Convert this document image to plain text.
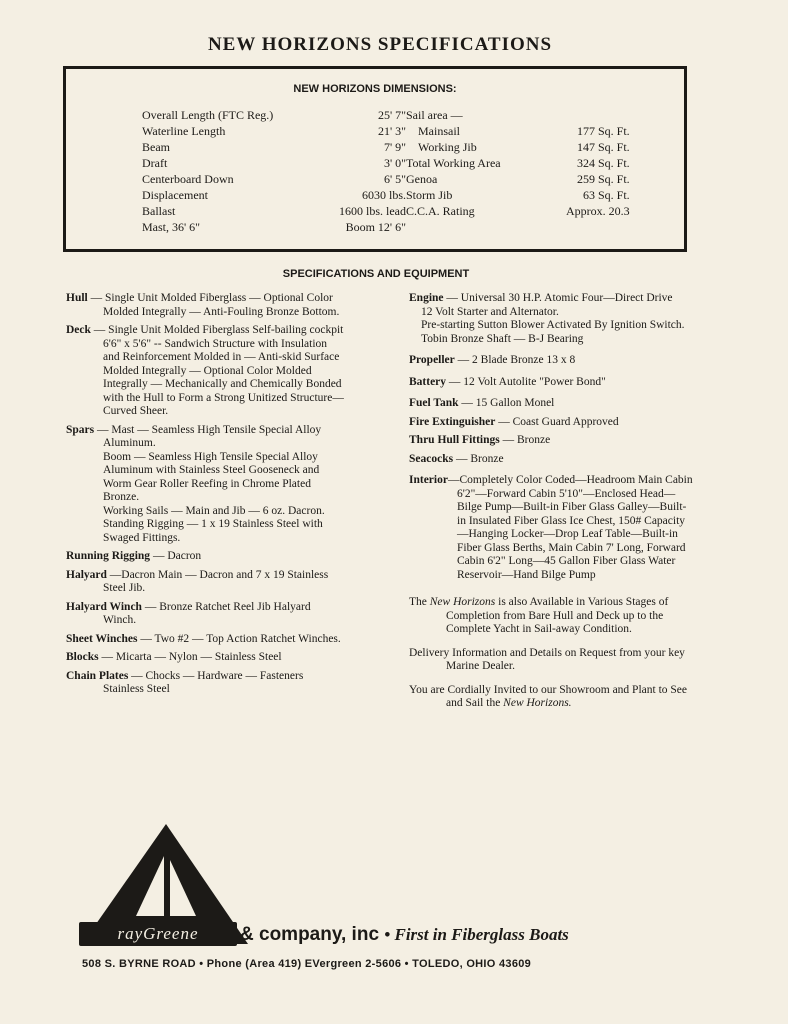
NEW HORIZONS SPECIFICATIONS
NEW HORIZONS DIMENSIONS:
Overall Length (FTC Reg.)	25' 7"
Waterline Length	21' 3"
Beam	7' 9"
Draft	3' 0"
Centerboard Down	6' 5"
Displacement	6030 lbs.
Ballast	1600 lbs. lead
Mast, 36' 6"	Boom 12' 6"
Sail area —	
Mainsail	177 Sq. Ft.
Working Jib	147 Sq. Ft.
Total Working Area	324 Sq. Ft.
Genoa	259 Sq. Ft.
Storm Jib	63 Sq. Ft.
C.C.A. Rating	Approx. 20.3
SPECIFICATIONS AND EQUIPMENT
Hull — Single Unit Molded Fiberglass — Optional Color Molded Integrally — Anti-Fouling Bronze Bottom.
Deck — Single Unit Molded Fiberglass Self-bailing cockpit 6'6" x 5'6" -- Sandwich Structure with Insulation and Reinforcement Molded in — Anti-skid Surface Molded Integrally — Optional Color Molded Integrally — Mechanically and Chemically Bonded with the Hull to Form a Strong Unitized Structure—Curved Sheer.
Spars — Mast — Seamless High Tensile Special Alloy Aluminum.
Boom — Seamless High Tensile Special Alloy Aluminum with Stainless Steel Gooseneck and Worm Gear Roller Reefing in Chrome Plated Bronze.
Working Sails — Main and Jib — 6 oz. Dacron.
Standing Rigging — 1 x 19 Stainless Steel with Swaged Fittings.
Running Rigging — Dacron
Halyard —Dacron Main — Dacron and 7 x 19 Stainless Steel Jib.
Halyard Winch — Bronze Ratchet Reel Jib Halyard Winch.
Sheet Winches — Two #2 — Top Action Ratchet Winches.
Blocks — Micarta — Nylon — Stainless Steel
Chain Plates — Chocks — Hardware — Fasteners Stainless Steel
Engine — Universal 30 H.P. Atomic Four—Direct Drive
12 Volt Starter and Alternator.
Pre-starting Sutton Blower Activated By Ignition Switch.
Tobin Bronze Shaft — B-J Bearing
Propeller — 2 Blade Bronze 13 x 8
Battery — 12 Volt Autolite "Power Bond"
Fuel Tank — 15 Gallon Monel
Fire Extinguisher — Coast Guard Approved
Thru Hull Fittings — Bronze
Seacocks — Bronze
Interior—Completely Color Coded—Headroom Main Cabin 6'2"—Forward Cabin 5'10"—Enclosed Head—Bilge Pump—Built-in Fiber Glass Galley—Built-in Insulated Fiber Glass Ice Chest, 150# Capacity—Hanging Locker—Drop Leaf Table—Built-in Fiber Glass Berths, Main Cabin 7' Long, Forward Cabin 6'2" Long—45 Gallon Fiber Glass Water Reservoir—Hand Bilge Pump
The New Horizons is also Available in Various Stages of Completion from Bare Hull and Deck up to the Complete Yacht in Sail-away Condition.
Delivery Information and Details on Request from your key Marine Dealer.
You are Cordially Invited to our Showroom and Plant to See and Sail the New Horizons.
rayGreene	& company, inc • First in Fiberglass Boats
508 S. BYRNE ROAD • Phone (Area 419) EVergreen 2-5606 • TOLEDO, OHIO 43609
